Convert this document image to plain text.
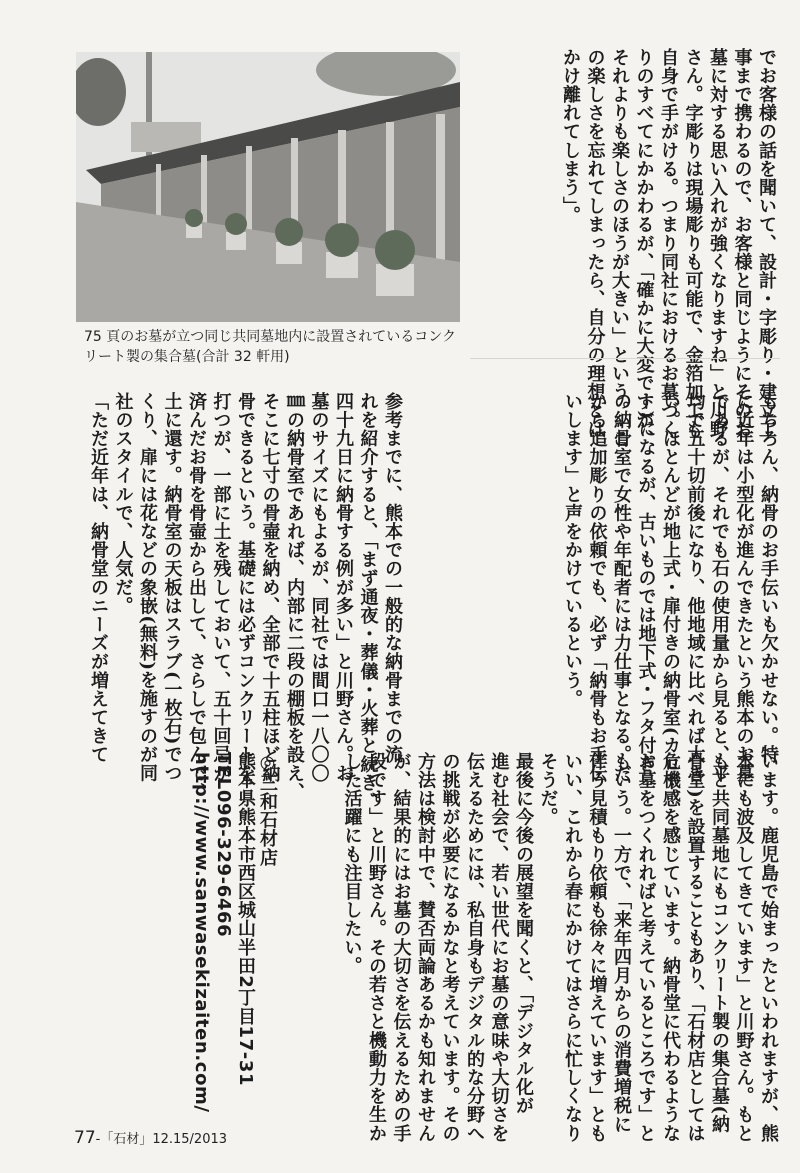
75 頁のお墓が立つ同じ共同墓地内に設置されているコンクリート製の集合墓(合計 32 軒用)	でお客様の話を聞いて、設計・字彫り・建立工
事まで携わるので、お客様と同じようにそのお
墓に対する思い入れが強くなりますね」と川野
さん。字彫りは現場彫りも可能で、金箔加工も
自身で手がける。つまり同社におけるお墓づく
りのすべてにかかわるが、「確かに大変ですが、
それよりも楽しさのほうが大きい」という。「こ
の楽しさを忘れてしまったら、自分の理想とは
かけ離れてしまう」。
もちろん、納骨のお手伝いも欠かせない。特
に近年は小型化が進んできたという熊本のお墓
であるが、それでも石の使用量から見ると、平
均で五十切前後になり、他地域に比べれば大き
い。ほとんどが地上式・扉付きの納骨室(カロー
ト)になるが、古いものでは地下式・フタ付き
の納骨室で女性や年配者には力仕事となる。だ
から追加彫りの依頼でも、必ず「納骨もお手伝
いします」と声をかけているという。
参考までに、熊本での一般的な納骨までの流
れを紹介すると、「まず通夜・葬儀・火葬と続き、
四十九日に納骨する例が多い」と川野さん。お
墓のサイズにもよるが、同社では間口一八〇〇
㎜の納骨室であれば、内部に二段の棚板を設え、
そこに七寸の骨壷を納め、全部で十五柱ほど納
骨できるという。基礎には必ずコンクリートを
打つが、一部に土を残しておいて、五十回忌が
済んだお骨を骨壷から出して、さらしで包んで、
土に還す。納骨室の天板はスラブ(一枚石)でつ
くり、扉には花などの象嵌(無料)を施すのが同
社のスタイルで、人気だ。
「ただ近年は、納骨堂のニーズが増えてきて
います。鹿児島で始まったといわれますが、熊
本にも波及してきています」と川野さん。もと
もと共同墓地にもコンクリート製の集合墓(納
骨堂)を設置することもあり、「石材店としては
危機感を感じています。納骨堂に代わるような
お墓をつくれればと考えているところです」と
もいう。一方で、「来年四月からの消費増税に
伴う見積もり依頼も徐々に増えています」とも
いい、これから春にかけてはさらに忙しくなり
そうだ。
最後に今後の展望を聞くと、「デジタル化が
進む社会で、若い世代にお墓の意味や大切さを
伝えるためには、私自身もデジタル的な分野へ
の挑戦が必要になるかなと考えています。その
方法は検討中で、賛否両論あるかも知れません
が、結果的にはお墓の大切さを伝えるための手
段です」と川野さん。その若さと機動力を生か
した活躍にも注目したい。
◎三和石材店
熊本県熊本市西区城山半田2丁目17-31
TEL096-329-6466
http://www.sanwasekizaiten.com/
77-「石材」12.15/2013
